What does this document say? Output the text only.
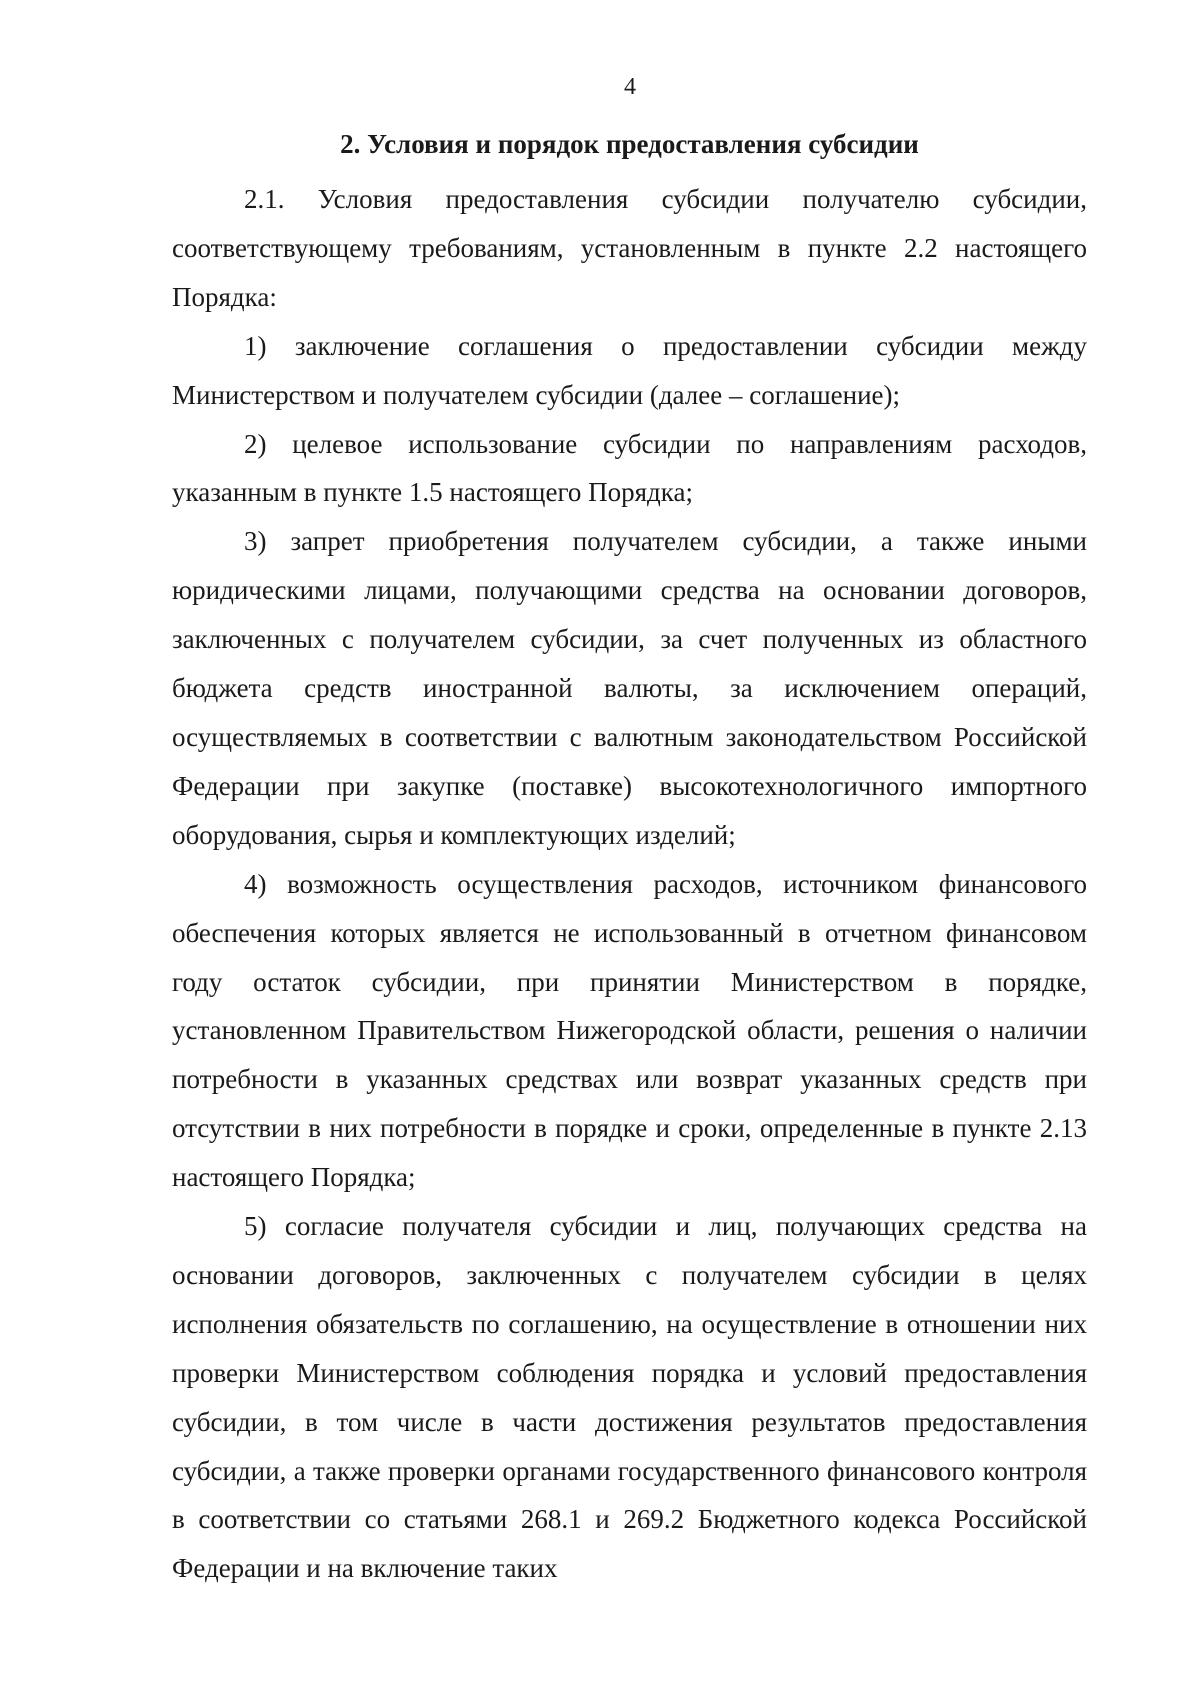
4
2. Условия и порядок предоставления субсидии

2.1. Условия предоставления субсидии получателю субсидии, соответствующему требованиям, установленным в пункте 2.2 настоящего Порядка:

1) заключение соглашения о предоставлении субсидии между Министерством и получателем субсидии (далее – соглашение);

2) целевое использование субсидии по направлениям расходов, указанным в пункте 1.5 настоящего Порядка;

3) запрет приобретения получателем субсидии, а также иными юридическими лицами, получающими средства на основании договоров, заключенных с получателем субсидии, за счет полученных из областного бюджета средств иностранной валюты, за исключением операций, осуществляемых в соответствии с валютным законодательством Российской Федерации при закупке (поставке) высокотехнологичного импортного оборудования, сырья и комплектующих изделий;

4) возможность осуществления расходов, источником финансового обеспечения которых является не использованный в отчетном финансовом году остаток субсидии, при принятии Министерством в порядке, установленном Правительством Нижегородской области, решения о наличии потребности в указанных средствах или возврат указанных средств при отсутствии в них потребности в порядке и сроки, определенные в пункте 2.13 настоящего Порядка;

5) согласие получателя субсидии и лиц, получающих средства на основании договоров, заключенных с получателем субсидии в целях исполнения обязательств по соглашению, на осуществление в отношении них проверки Министерством соблюдения порядка и условий предоставления субсидии, в том числе в части достижения результатов предоставления субсидии, а также проверки органами государственного финансового контроля в соответствии со статьями 268.1 и 269.2 Бюджетного кодекса Российской Федерации и на включение таких
